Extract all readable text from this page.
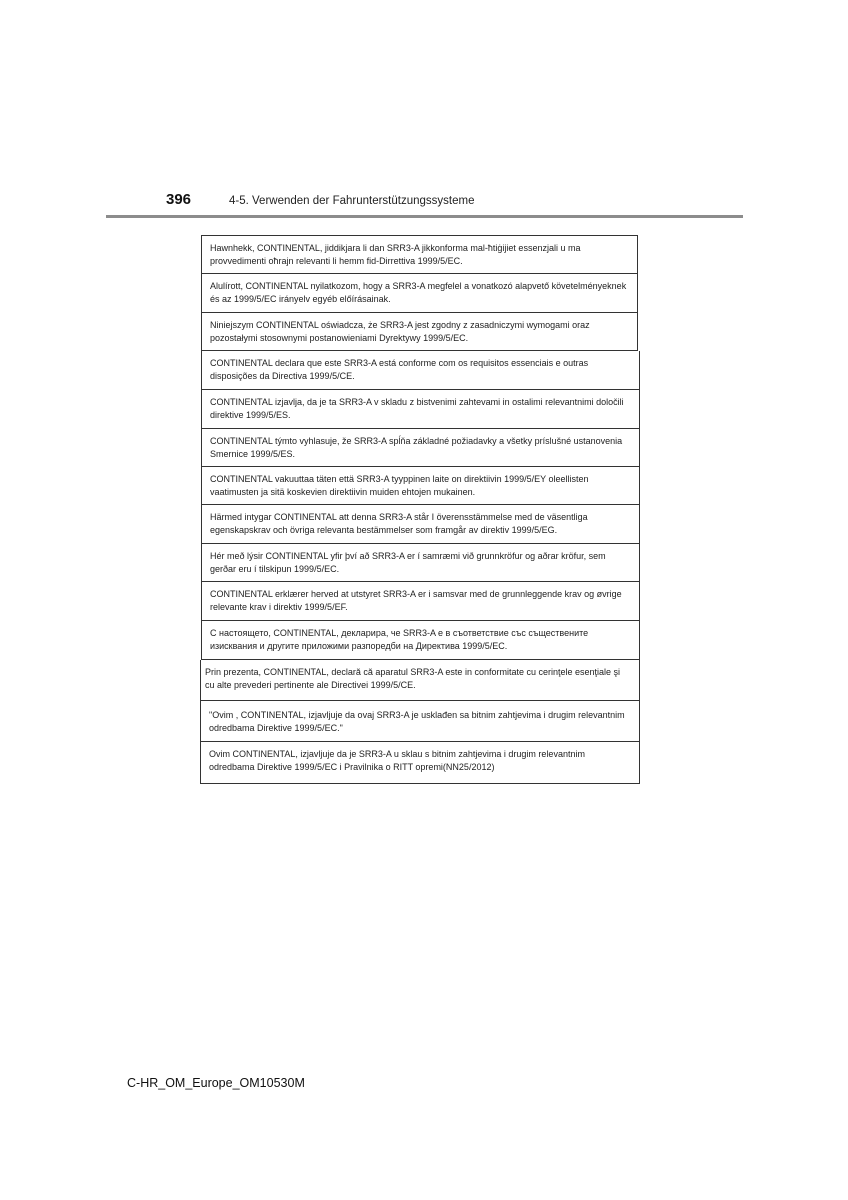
396	4-5. Verwenden der Fahrunterstützungssysteme
Hawnhekk, CONTINENTAL, jiddikjara li dan SRR3-A jikkonforma mal-ħtiġijiet essenzjali u ma provvedimenti oħrajn relevanti li hemm fid-Dirrettiva 1999/5/EC.
Alulírott, CONTINENTAL nyilatkozom, hogy a SRR3-A megfelel a vonatkozó alapvető követelményeknek és az 1999/5/EC irányelv egyéb előírásainak.
Niniejszym CONTINENTAL oświadcza, że SRR3-A jest zgodny z zasadniczymi wymogami oraz pozostałymi stosownymi postanowieniami Dyrektywy 1999/5/EC.
CONTINENTAL declara que este SRR3-A está conforme com os requisitos essenciais e outras disposições da Directiva 1999/5/CE.
CONTINENTAL izjavlja, da je ta SRR3-A v skladu z bistvenimi zahtevami in ostalimi relevantnimi določili direktive 1999/5/ES.
CONTINENTAL týmto vyhlasuje, že SRR3-A spĺňa základné požiadavky a všetky príslušné ustanovenia Smernice 1999/5/ES.
CONTINENTAL vakuuttaa täten että SRR3-A tyyppinen laite on direktiivin 1999/5/EY oleellisten vaatimusten ja sitä koskevien direktiivin muiden ehtojen mukainen.
Härmed intygar CONTINENTAL att denna SRR3-A står I överensstämmelse med de väsentliga egenskapskrav och övriga relevanta bestämmelser som framgår av direktiv 1999/5/EG.
Hér með lýsir CONTINENTAL yfir því að SRR3-A er í samræmi við grunnkröfur og aðrar kröfur, sem gerðar eru í tilskipun 1999/5/EC.
CONTINENTAL erklærer herved at utstyret SRR3-A er i samsvar med de grunnleggende krav og øvrige relevante krav i direktiv 1999/5/EF.
С настоящето, CONTINENTAL, декларира, че SRR3-A е в съответствие със съществените изисквания и другите приложими разпоредби на Директива 1999/5/ЕС.
Prin prezenta, CONTINENTAL, declară că aparatul SRR3-A este in conformitate cu cerinţele esenţiale şi cu alte prevederi pertinente ale Directivei 1999/5/CE.
"Ovim , CONTINENTAL, izjavljuje da ovaj SRR3-A je usklađen sa bitnim zahtjevima i drugim relevantnim odredbama Direktive 1999/5/EC."
Ovim CONTINENTAL, izjavljuje da je SRR3-A u sklau s bitnim zahtjevima i drugim relevantnim odredbama Direktive 1999/5/EC i Pravilnika o RITT opremi(NN25/2012)
C-HR_OM_Europe_OM10530M
